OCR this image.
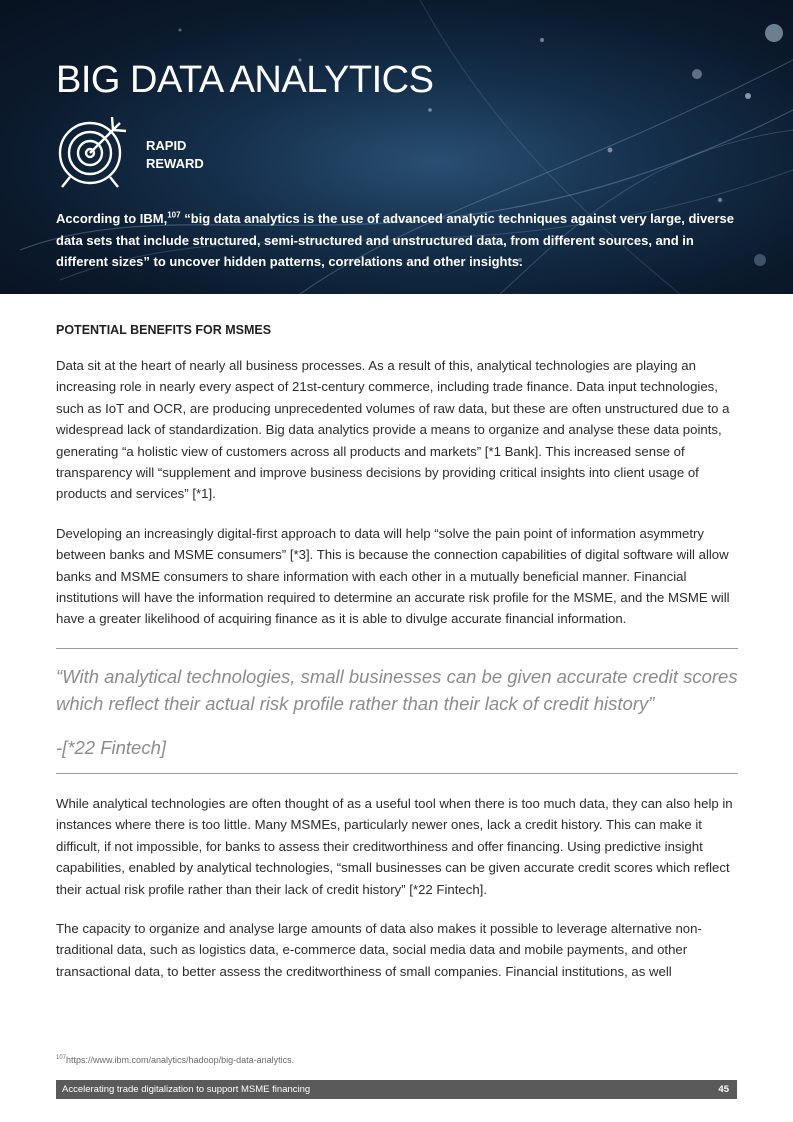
BIG DATA ANALYTICS
RAPID
REWARD

According to IBM,$^{107}$ “big data analytics is the use of advanced analytic techniques against very large, diverse data sets that include structured, semi-structured and unstructured data, from different sources, and in different sizes” to uncover hidden patterns, correlations and other insights.

POTENTIAL BENEFITS FOR MSMES

Data sit at the heart of nearly all business processes. As a result of this, analytical technologies are playing an increasing role in nearly every aspect of 21st-century commerce, including trade finance. Data input technologies, such as IoT and OCR, are producing unprecedented volumes of raw data, but these are often unstructured due to a widespread lack of standardization. Big data analytics provide a means to organize and analyse these data points, generating “a holistic view of customers across all products and markets” [*1 Bank]. This increased sense of transparency will “supplement and improve business decisions by providing critical insights into client usage of products and services” [*1].

Developing an increasingly digital-first approach to data will help “solve the pain point of information asymmetry between banks and MSME consumers” [*3]. This is because the connection capabilities of digital software will allow banks and MSME consumers to share information with each other in a mutually beneficial manner. Financial institutions will have the information required to determine an accurate risk profile for the MSME, and the MSME will have a greater likelihood of acquiring finance as it is able to divulge accurate financial information.

“With analytical technologies, small businesses can be given accurate credit scores which reflect their actual risk profile rather than their lack of credit history”

-[*22 Fintech]

While analytical technologies are often thought of as a useful tool when there is too much data, they can also help in instances where there is too little. Many MSMEs, particularly newer ones, lack a credit history. This can make it difficult, if not impossible, for banks to assess their creditworthiness and offer financing. Using predictive insight capabilities, enabled by analytical technologies, “small businesses can be given accurate credit scores which reflect their actual risk profile rather than their lack of credit history” [*22 Fintech].

The capacity to organize and analyse large amounts of data also makes it possible to leverage alternative non-traditional data, such as logistics data, e-commerce data, social media data and mobile payments, and other transactional data, to better assess the creditworthiness of small companies. Financial institutions, as well

$^{107}$https://www.ibm.com/analytics/hadoop/big-data-analytics.
Accelerating trade digitalization to support MSME financing	45
